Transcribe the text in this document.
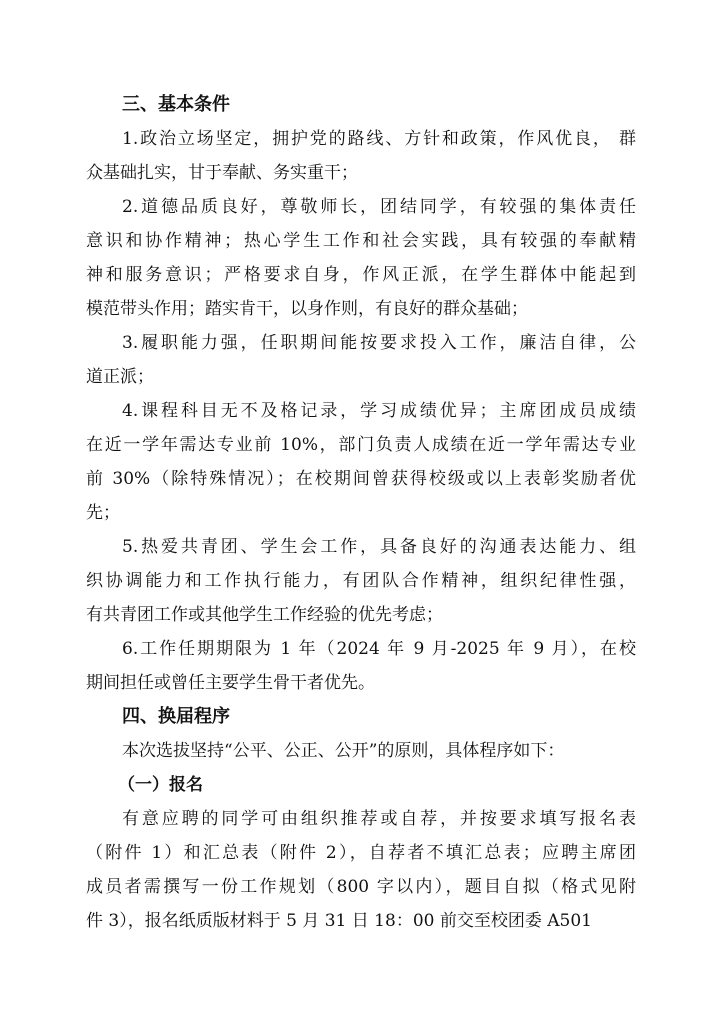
三、基本条件

1.政治立场坚定，拥护党的路线、方针和政策，作风优良， 群

众基础扎实，甘于奉献、务实重干；

2.道德品质良好，尊敬师长，团结同学，有较强的集体责任

意识和协作精神；热心学生工作和社会实践，具有较强的奉献精

神和服务意识；严格要求自身，作风正派，在学生群体中能起到

模范带头作用；踏实肯干，以身作则，有良好的群众基础；

3.履职能力强，任职期间能按要求投入工作，廉洁自律，公

道正派；

4.课程科目无不及格记录，学习成绩优异；主席团成员成绩

在近一学年需达专业前 10%，部门负责人成绩在近一学年需达专业

前 30%（除特殊情况）；在校期间曾获得校级或以上表彰奖励者优

先；

5.热爱共青团、学生会工作，具备良好的沟通表达能力、组

织协调能力和工作执行能力，有团队合作精神，组织纪律性强，

有共青团工作或其他学生工作经验的优先考虑；

6.工作任期期限为 1 年（2024 年 9 月-2025 年 9 月），在校

期间担任或曾任主要学生骨干者优先。

四、换届程序

本次选拔坚持“公平、公正、公开”的原则，具体程序如下：

（一）报名

有意应聘的同学可由组织推荐或自荐，并按要求填写报名表

（附件 1）和汇总表（附件 2），自荐者不填汇总表；应聘主席团

成员者需撰写一份工作规划（800 字以内），题目自拟（格式见附

件 3），报名纸质版材料于 5 月 31 日 18：00 前交至校团委 A501
